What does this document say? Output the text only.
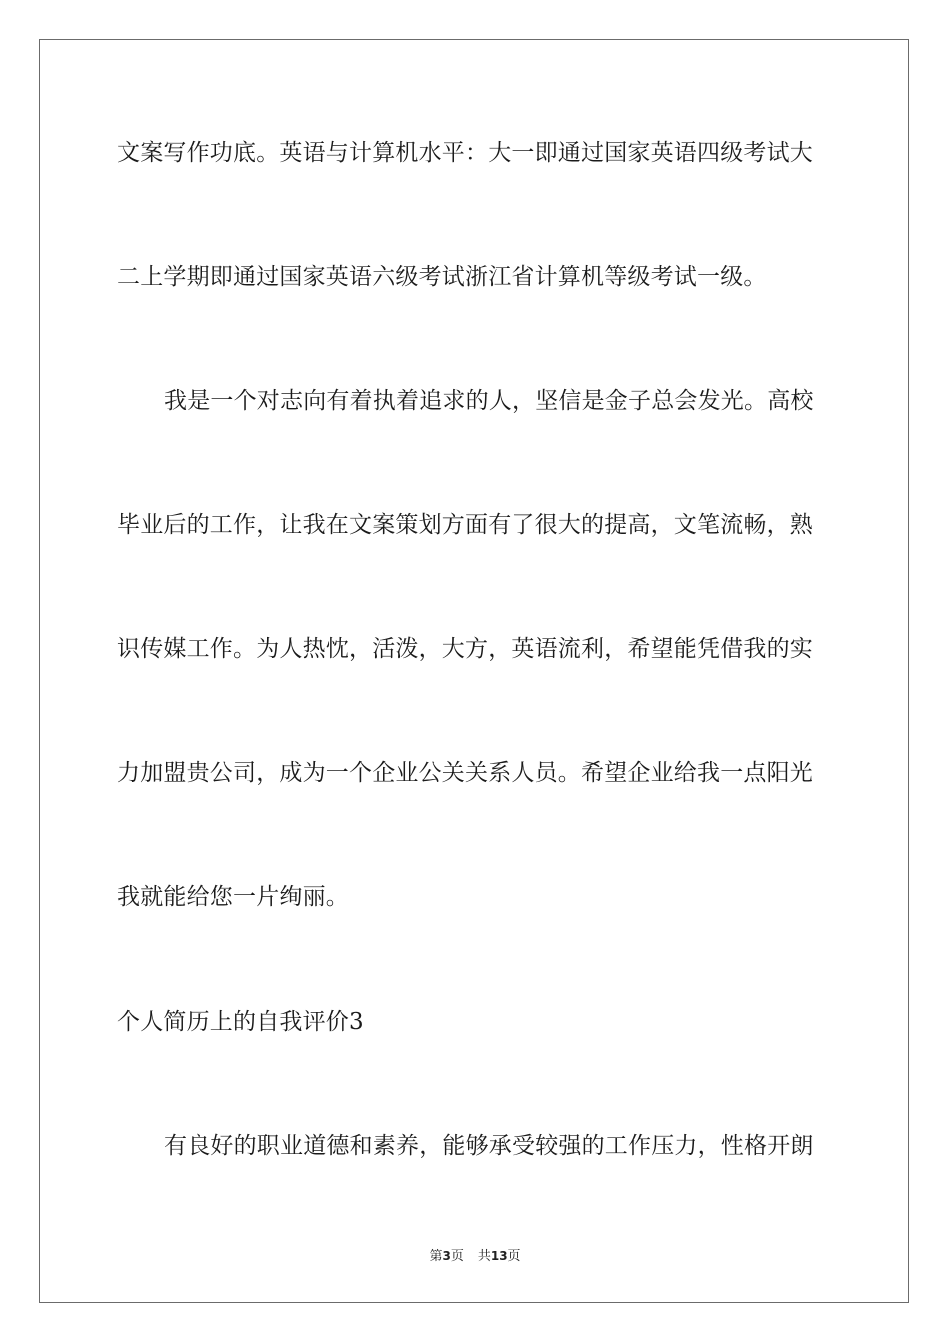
文案写作功底。英语与计算机水平：大一即通过国家英语四级考试大
二上学期即通过国家英语六级考试浙江省计算机等级考试一级。
我是一个对志向有着执着追求的人，坚信是金子总会发光。高校
毕业后的工作，让我在文案策划方面有了很大的提高，文笔流畅，熟
识传媒工作。为人热忱，活泼，大方，英语流利，希望能凭借我的实
力加盟贵公司，成为一个企业公关关系人员。希望企业给我一点阳光
我就能给您一片绚丽。
个人简历上的自我评价3
有良好的职业道德和素养，能够承受较强的工作压力，性格开朗
第3页 共13页
